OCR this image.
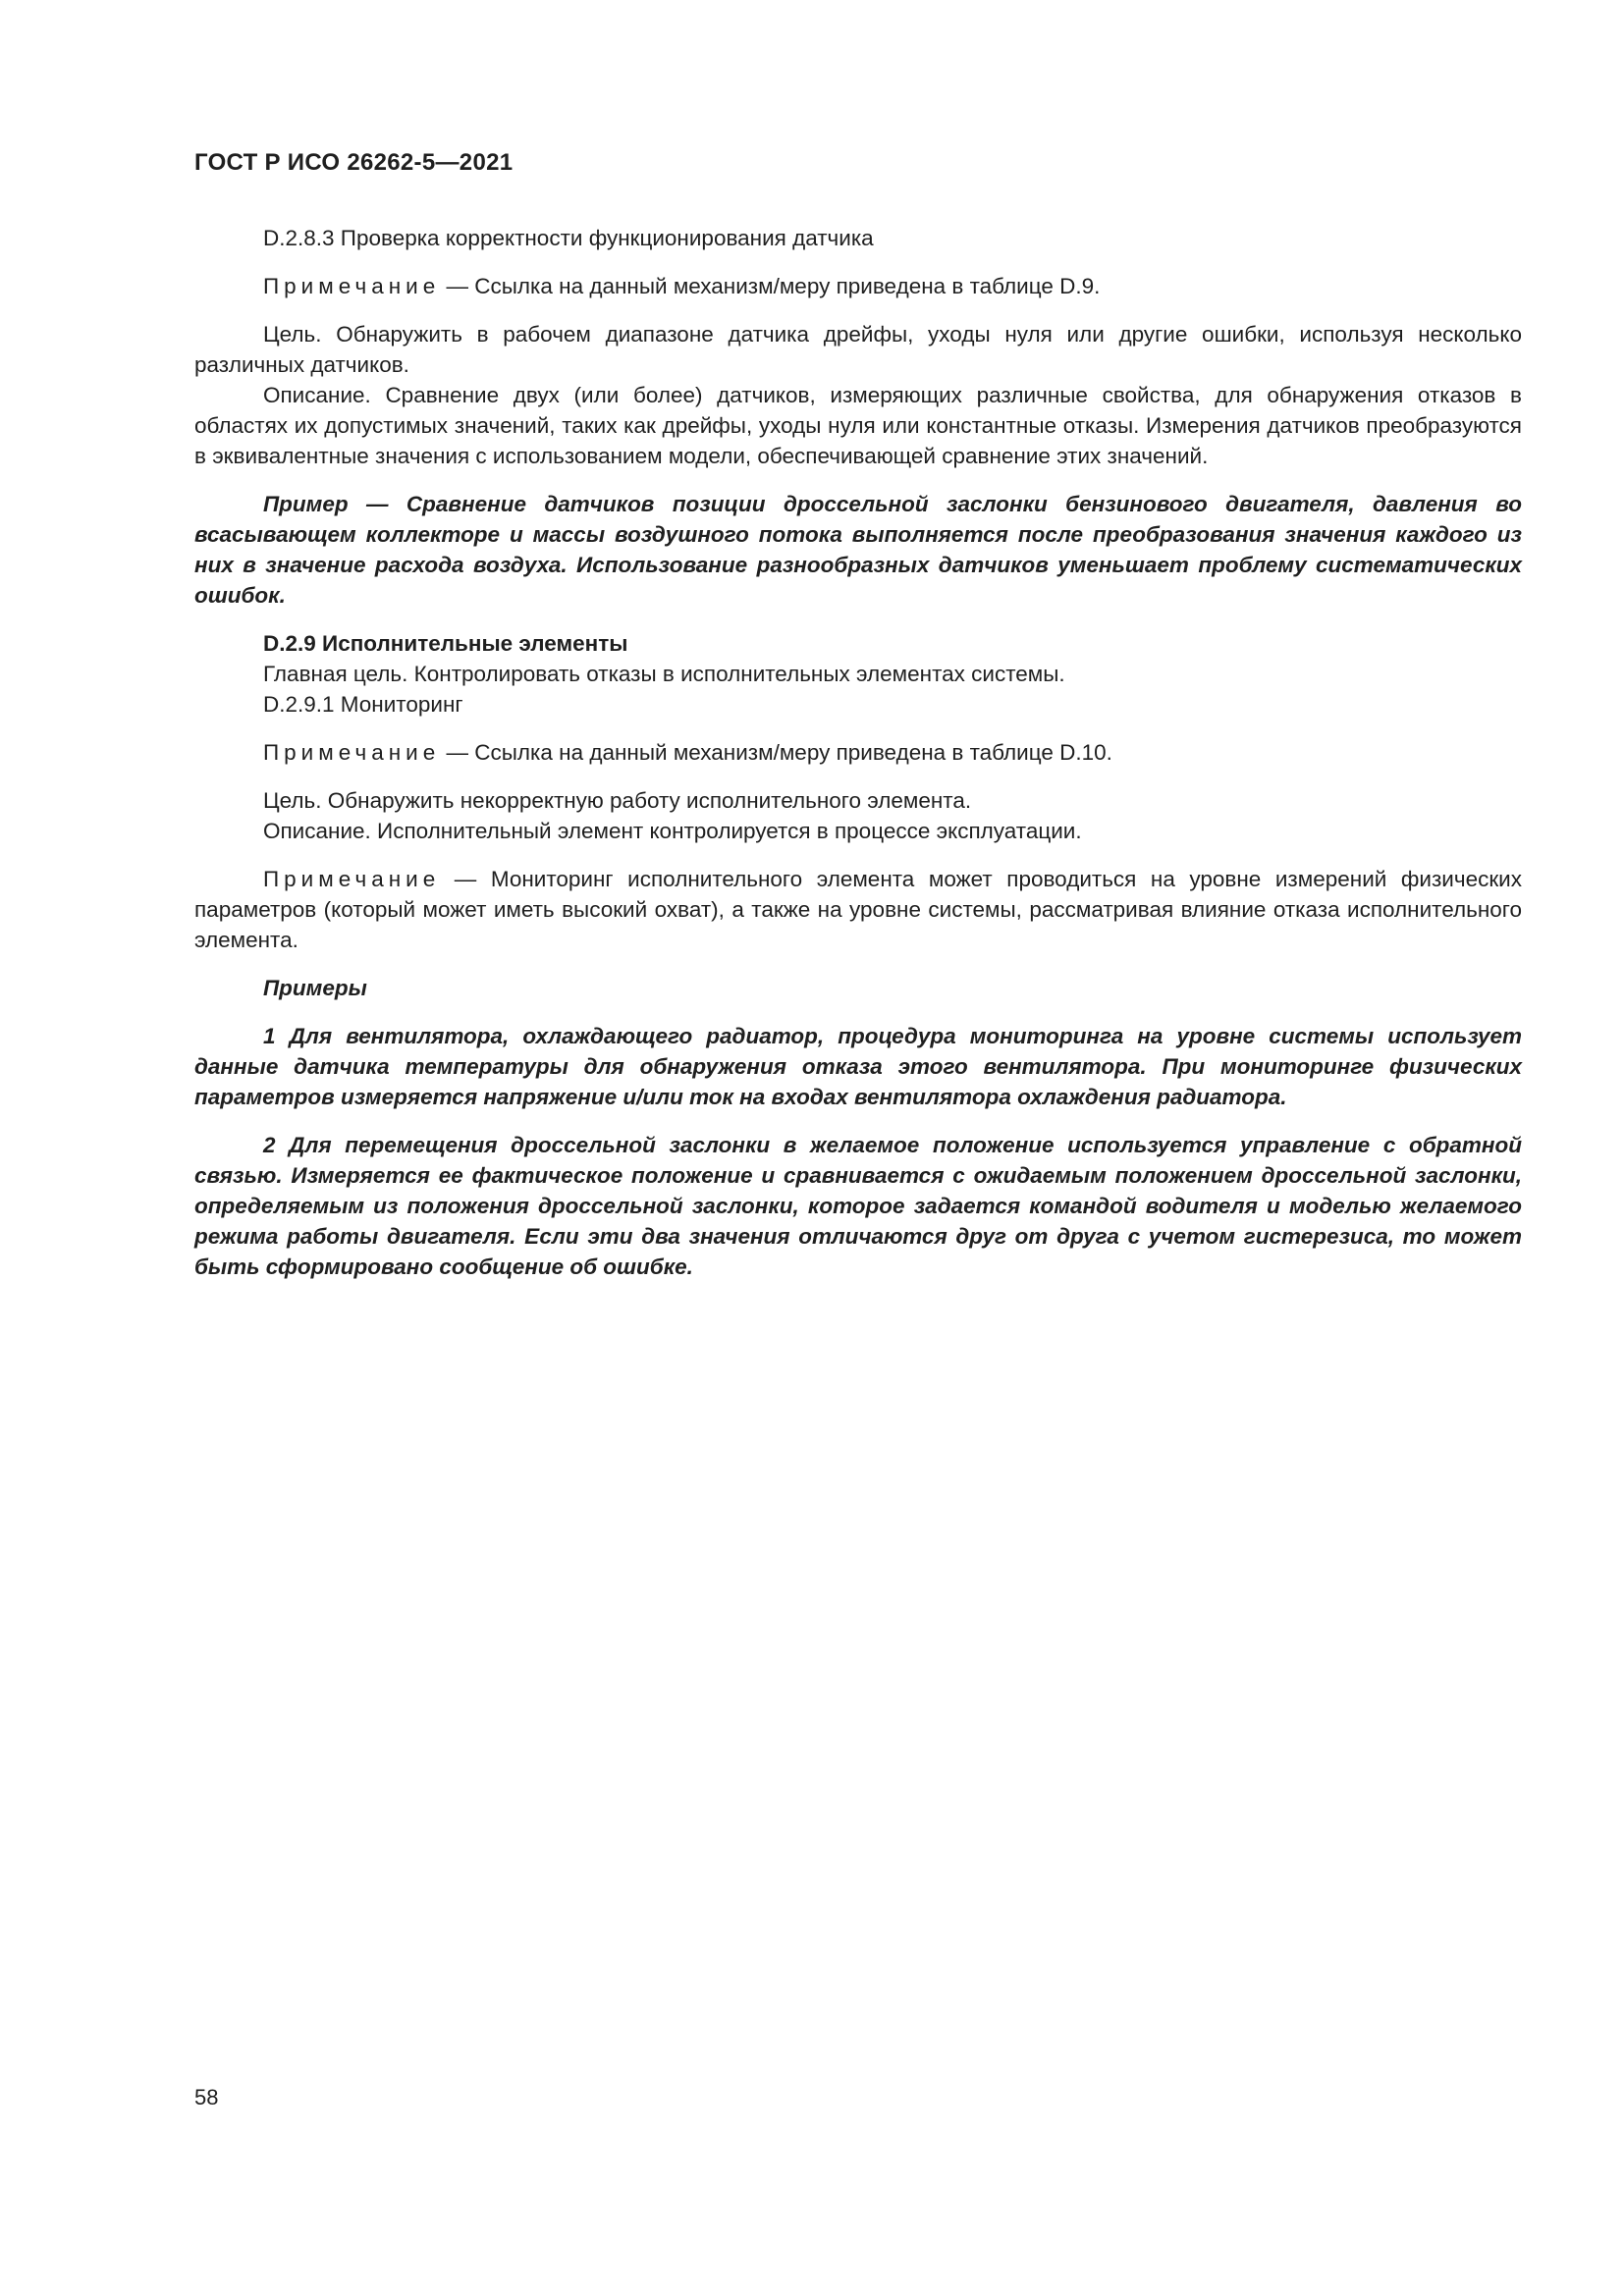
ГОСТ Р ИСО 26262-5—2021

D.2.8.3 Проверка корректности функционирования датчика

Примечание — Ссылка на данный механизм/меру приведена в таблице D.9.

Цель. Обнаружить в рабочем диапазоне датчика дрейфы, уходы нуля или другие ошибки, используя несколько различных датчиков.

Описание. Сравнение двух (или более) датчиков, измеряющих различные свойства, для обнаружения отказов в областях их допустимых значений, таких как дрейфы, уходы нуля или константные отказы. Измерения датчиков преобразуются в эквивалентные значения с использованием модели, обеспечивающей сравнение этих значений.

Пример — Сравнение датчиков позиции дроссельной заслонки бензинового двигателя, давления во всасывающем коллекторе и массы воздушного потока выполняется после преобразования значения каждого из них в значение расхода воздуха. Использование разнообразных датчиков уменьшает проблему систематических ошибок.

D.2.9 Исполнительные элементы

Главная цель. Контролировать отказы в исполнительных элементах системы.

D.2.9.1 Мониторинг

Примечание — Ссылка на данный механизм/меру приведена в таблице D.10.

Цель. Обнаружить некорректную работу исполнительного элемента.

Описание. Исполнительный элемент контролируется в процессе эксплуатации.

Примечание — Мониторинг исполнительного элемента может проводиться на уровне измерений физических параметров (который может иметь высокий охват), а также на уровне системы, рассматривая влияние отказа исполнительного элемента.

Примеры

1 Для вентилятора, охлаждающего радиатор, процедура мониторинга на уровне системы использует данные датчика температуры для обнаружения отказа этого вентилятора. При мониторинге физических параметров измеряется напряжение и/или ток на входах вентилятора охлаждения радиатора.

2 Для перемещения дроссельной заслонки в желаемое положение используется управление с обратной связью. Измеряется ее фактическое положение и сравнивается с ожидаемым положением дроссельной заслонки, определяемым из положения дроссельной заслонки, которое задается командой водителя и моделью желаемого режима работы двигателя. Если эти два значения отличаются друг от друга с учетом гистерезиса, то может быть сформировано сообщение об ошибке.

58
